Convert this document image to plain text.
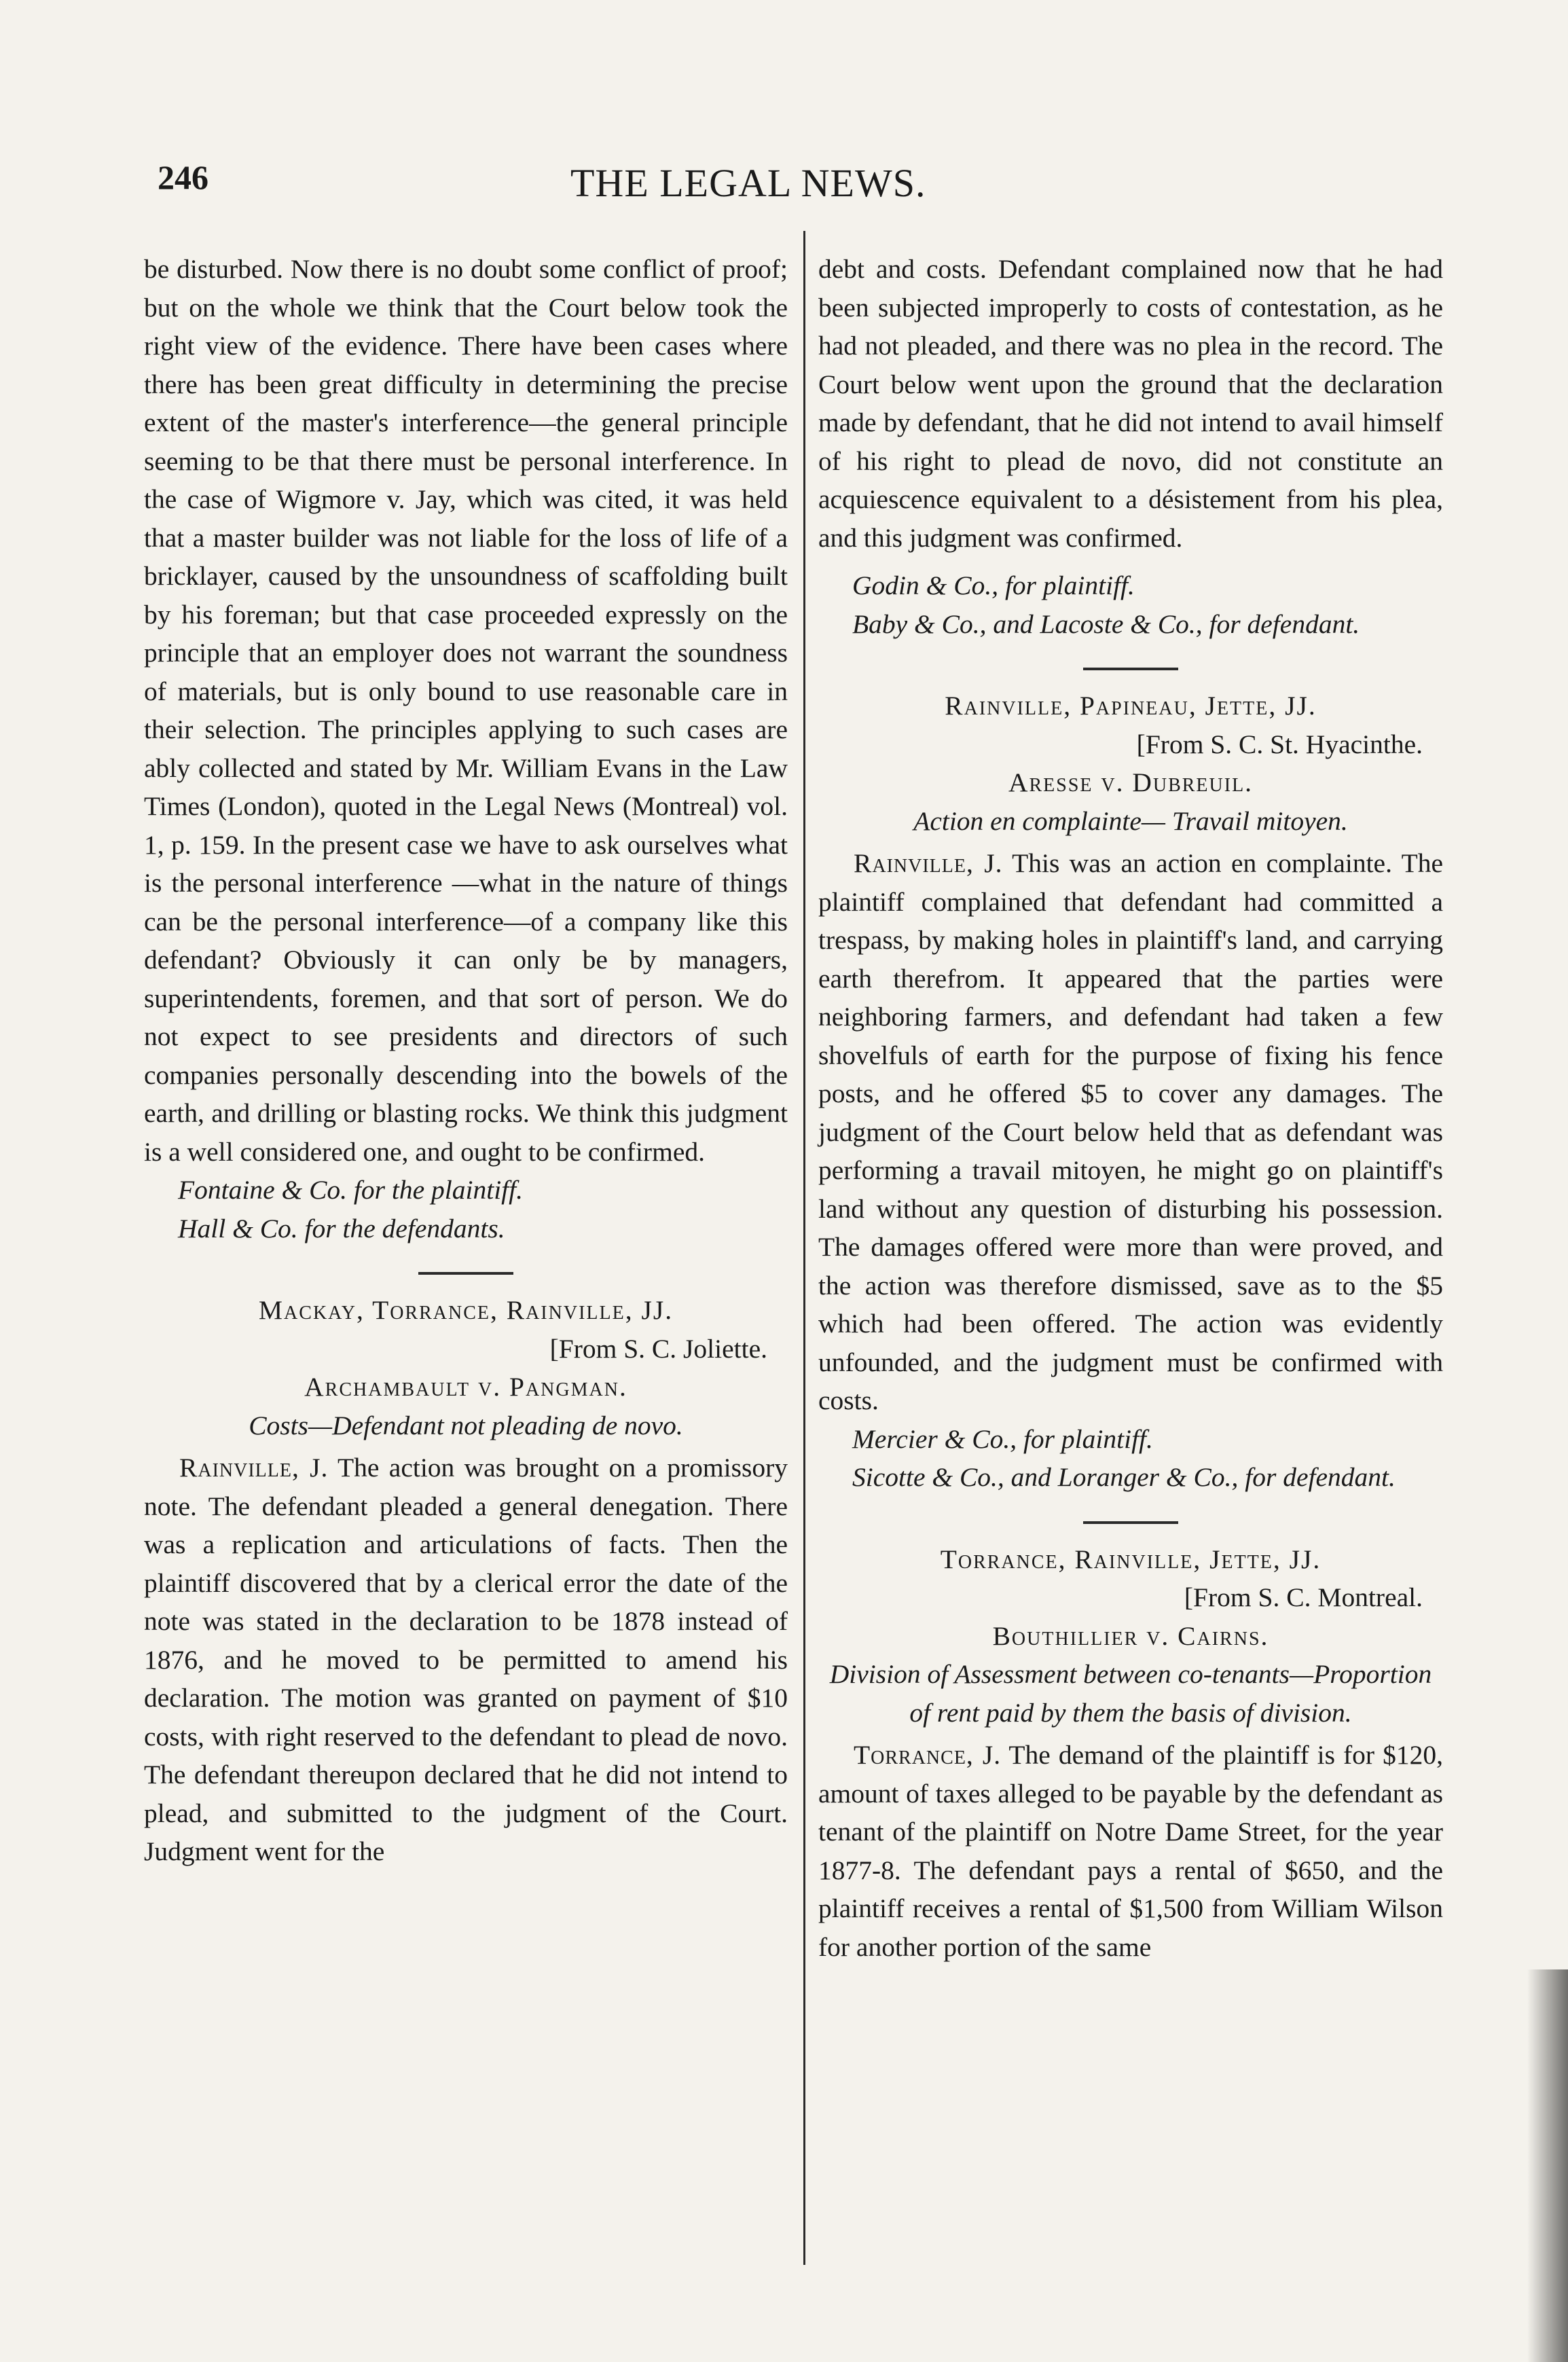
246	THE LEGAL NEWS.

be disturbed. Now there is no doubt some conflict of proof; but on the whole we think that the Court below took the right view of the evidence. There have been cases where there has been great difficulty in determining the precise extent of the master's interference—the general principle seeming to be that there must be personal interference. In the case of Wigmore v. Jay, which was cited, it was held that a master builder was not liable for the loss of life of a bricklayer, caused by the unsoundness of scaffolding built by his foreman; but that case proceeded expressly on the principle that an employer does not warrant the soundness of materials, but is only bound to use reasonable care in their selection. The principles applying to such cases are ably collected and stated by Mr. William Evans in the Law Times (London), quoted in the Legal News (Montreal) vol. 1, p. 159. In the present case we have to ask ourselves what is the personal interference —what in the nature of things can be the personal interference—of a company like this defendant? Obviously it can only be by managers, superintendents, foremen, and that sort of person. We do not expect to see presidents and directors of such companies personally descending into the bowels of the earth, and drilling or blasting rocks. We think this judgment is a well considered one, and ought to be confirmed.

Fontaine & Co. for the plaintiff.

Hall & Co. for the defendants.

Mackay, Torrance, Rainville, JJ.

[From S. C. Joliette.

Archambault v. Pangman.

Costs—Defendant not pleading de novo.

Rainville, J. The action was brought on a promissory note. The defendant pleaded a general denegation. There was a replication and articulations of facts. Then the plaintiff discovered that by a clerical error the date of the note was stated in the declaration to be 1878 instead of 1876, and he moved to be permitted to amend his declaration. The motion was granted on payment of $10 costs, with right reserved to the defendant to plead de novo. The defendant thereupon declared that he did not intend to plead, and submitted to the judgment of the Court. Judgment went for the

debt and costs. Defendant complained now that he had been subjected improperly to costs of contestation, as he had not pleaded, and there was no plea in the record. The Court below went upon the ground that the declaration made by defendant, that he did not intend to avail himself of his right to plead de novo, did not constitute an acquiescence equivalent to a désistement from his plea, and this judgment was confirmed.

Godin & Co., for plaintiff.

Baby & Co., and Lacoste & Co., for defendant.

Rainville, Papineau, Jette, JJ.

[From S. C. St. Hyacinthe.

Aresse v. Dubreuil.

Action en complainte— Travail mitoyen.

Rainville, J. This was an action en complainte. The plaintiff complained that defendant had committed a trespass, by making holes in plaintiff's land, and carrying earth therefrom. It appeared that the parties were neighboring farmers, and defendant had taken a few shovelfuls of earth for the purpose of fixing his fence posts, and he offered $5 to cover any damages. The judgment of the Court below held that as defendant was performing a travail mitoyen, he might go on plaintiff's land without any question of disturbing his possession. The damages offered were more than were proved, and the action was therefore dismissed, save as to the $5 which had been offered. The action was evidently unfounded, and the judgment must be confirmed with costs.

Mercier & Co., for plaintiff.

Sicotte & Co., and Loranger & Co., for defendant.

Torrance, Rainville, Jette, JJ.

[From S. C. Montreal.

Bouthillier v. Cairns.

Division of Assessment between co-tenants—Proportion of rent paid by them the basis of division.

Torrance, J. The demand of the plaintiff is for $120, amount of taxes alleged to be payable by the defendant as tenant of the plaintiff on Notre Dame Street, for the year 1877-8. The defendant pays a rental of $650, and the plaintiff receives a rental of $1,500 from William Wilson for another portion of the same
